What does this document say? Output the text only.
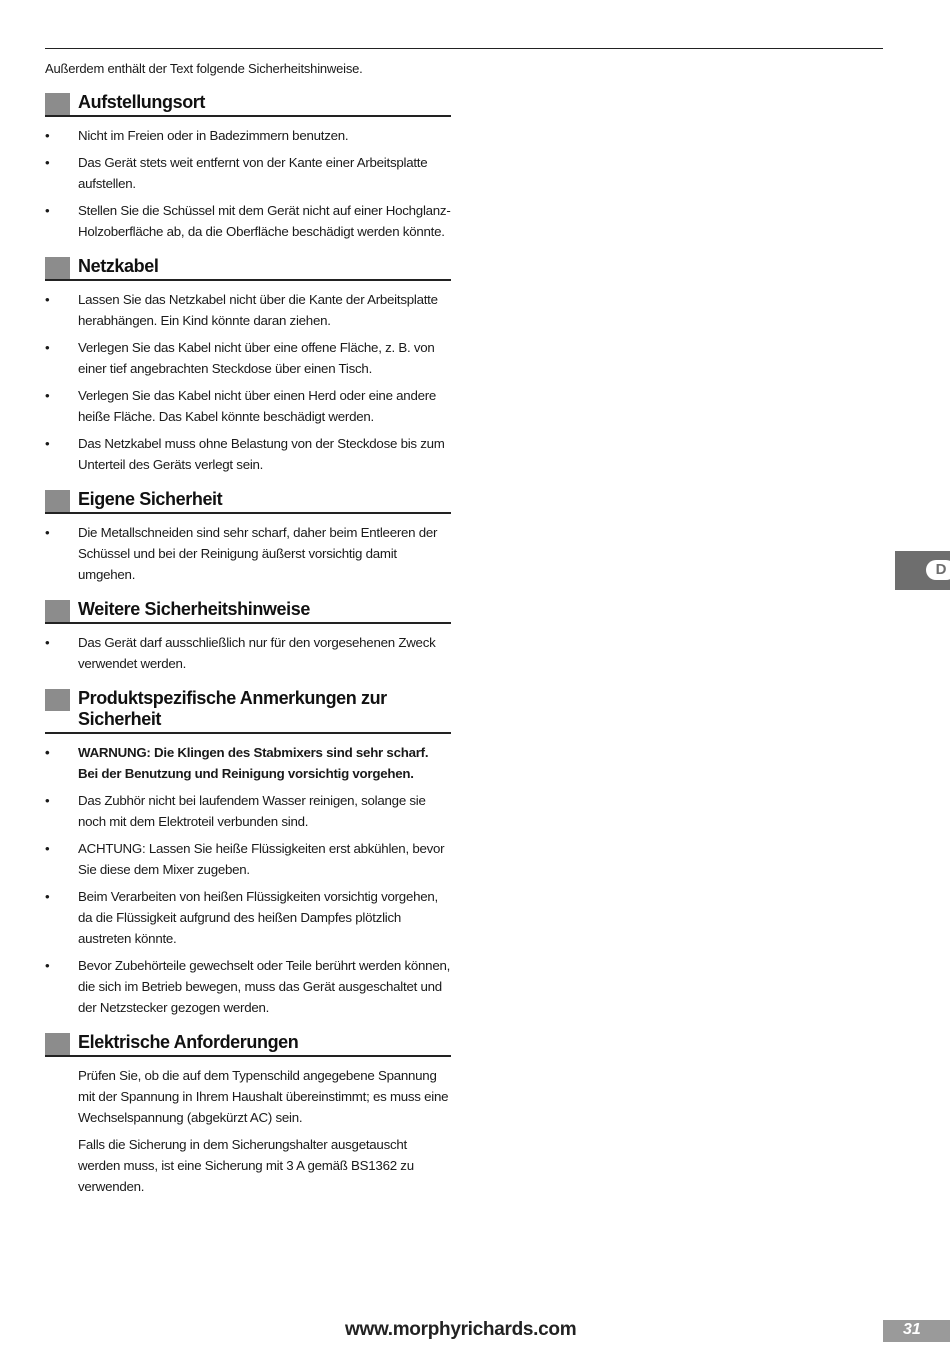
Außerdem enthält der Text folgende Sicherheitshinweise.
Aufstellungsort
• Nicht im Freien oder in Badezimmern benutzen.
• Das Gerät stets weit entfernt von der Kante einer Arbeitsplatte aufstellen.
• Stellen Sie die Schüssel mit dem Gerät nicht auf einer Hochglanz-Holzoberfläche ab, da die Oberfläche beschädigt werden könnte.
Netzkabel
• Lassen Sie das Netzkabel nicht über die Kante der Arbeitsplatte herabhängen. Ein Kind könnte daran ziehen.
• Verlegen Sie das Kabel nicht über eine offene Fläche, z. B. von einer tief angebrachten Steckdose über einen Tisch.
• Verlegen Sie das Kabel nicht über einen Herd oder eine andere heiße Fläche. Das Kabel könnte beschädigt werden.
• Das Netzkabel muss ohne Belastung von der Steckdose bis zum Unterteil des Geräts verlegt sein.
Eigene Sicherheit
• Die Metallschneiden sind sehr scharf, daher beim Entleeren der Schüssel und bei der Reinigung äußerst vorsichtig damit umgehen.
Weitere Sicherheitshinweise
• Das Gerät darf ausschließlich nur für den vorgesehenen Zweck verwendet werden.
Produktspezifische Anmerkungen zur Sicherheit
• WARNUNG: Die Klingen des Stabmixers sind sehr scharf. Bei der Benutzung und Reinigung vorsichtig vorgehen.
• Das Zubhör nicht bei laufendem Wasser reinigen, solange sie noch mit dem Elektroteil verbunden sind.
• ACHTUNG: Lassen Sie heiße Flüssigkeiten erst abkühlen, bevor Sie diese dem Mixer zugeben.
• Beim Verarbeiten von heißen Flüssigkeiten vorsichtig vorgehen, da die Flüssigkeit aufgrund des heißen Dampfes plötzlich austreten könnte.
• Bevor Zubehörteile gewechselt oder Teile berührt werden können, die sich im Betrieb bewegen, muss das Gerät ausgeschaltet und der Netzstecker gezogen werden.
Elektrische Anforderungen

Prüfen Sie, ob die auf dem Typenschild angegebene Spannung mit der Spannung in Ihrem Haushalt übereinstimmt; es muss eine Wechselspannung (abgekürzt AC) sein.

Falls die Sicherung in dem Sicherungshalter ausgetauscht werden muss, ist eine Sicherung mit 3 A gemäß BS1362 zu verwenden.

D
www.morphyrichards.com	31
